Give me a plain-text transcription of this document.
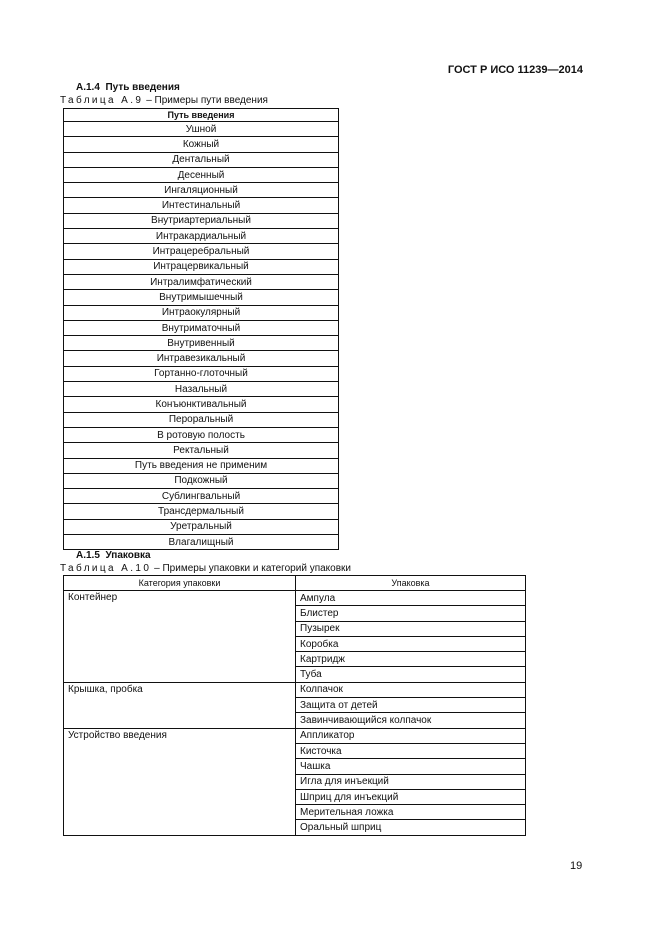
ГОСТ Р ИСО 11239—2014
А.1.4 Путь введения
Таблица А.9 – Примеры пути введения
Путь введения
Ушной
Кожный
Дентальный
Десенный
Ингаляционный
Интестинальный
Внутриартериальный
Интракардиальный
Интрацеребральный
Интрацервикальный
Интралимфатический
Внутримышечный
Интраокулярный
Внутриматочный
Внутривенный
Интравезикальный
Гортанно-глоточный
Назальный
Конъюнктивальный
Пероральный
В ротовую полость
Ректальный
Путь введения не применим
Подкожный
Сублингвальный
Трансдермальный
Уретральный
Влагалищный
А.1.5 Упаковка
Таблица А.10 – Примеры упаковки и категорий упаковки
Категория упаковки	Упаковка
Контейнер	Ампула
	Блистер
	Пузырек
	Коробка
	Картридж
	Туба
Крышка, пробка	Колпачок
	Защита от детей
	Завинчивающийся колпачок
Устройство введения	Аппликатор
	Кисточка
	Чашка
	Игла для инъекций
	Шприц для инъекций
	Мерительная ложка
	Оральный шприц
19
